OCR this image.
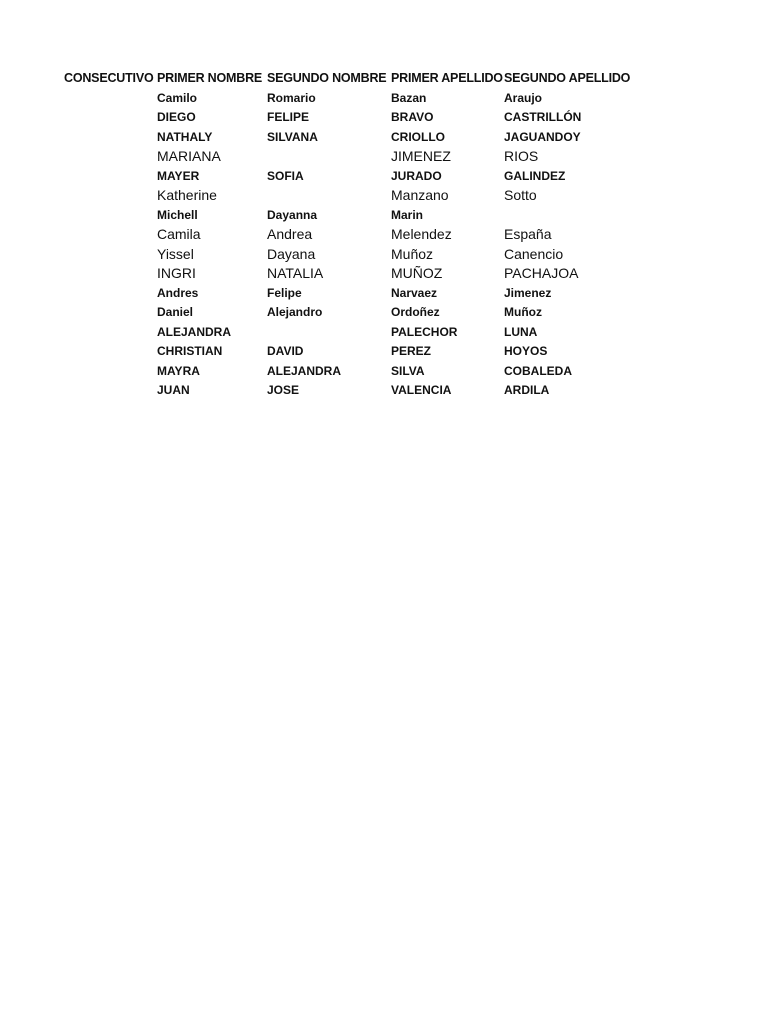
CONSECUTIVO	PRIMER NOMBRE	SEGUNDO NOMBRE	PRIMER APELLIDO	SEGUNDO APELLIDO
	Camilo	Romario	Bazan	Araujo
	DIEGO	FELIPE	BRAVO	CASTRILLÓN
	NATHALY	SILVANA	CRIOLLO	JAGUANDOY
	MARIANA		JIMENEZ	RIOS
	MAYER	SOFIA	JURADO	GALINDEZ
	Katherine		Manzano	Sotto
	Michell	Dayanna	Marin	
	Camila	Andrea	Melendez	España
	Yissel	Dayana	Muñoz	Canencio
	INGRI	NATALIA	MUÑOZ	PACHAJOA
	Andres	Felipe	Narvaez	Jimenez
	Daniel	Alejandro	Ordoñez	Muñoz
	ALEJANDRA		PALECHOR	LUNA
	CHRISTIAN	DAVID	PEREZ	HOYOS
	MAYRA	ALEJANDRA	SILVA	COBALEDA
	JUAN	JOSE	VALENCIA	ARDILA
